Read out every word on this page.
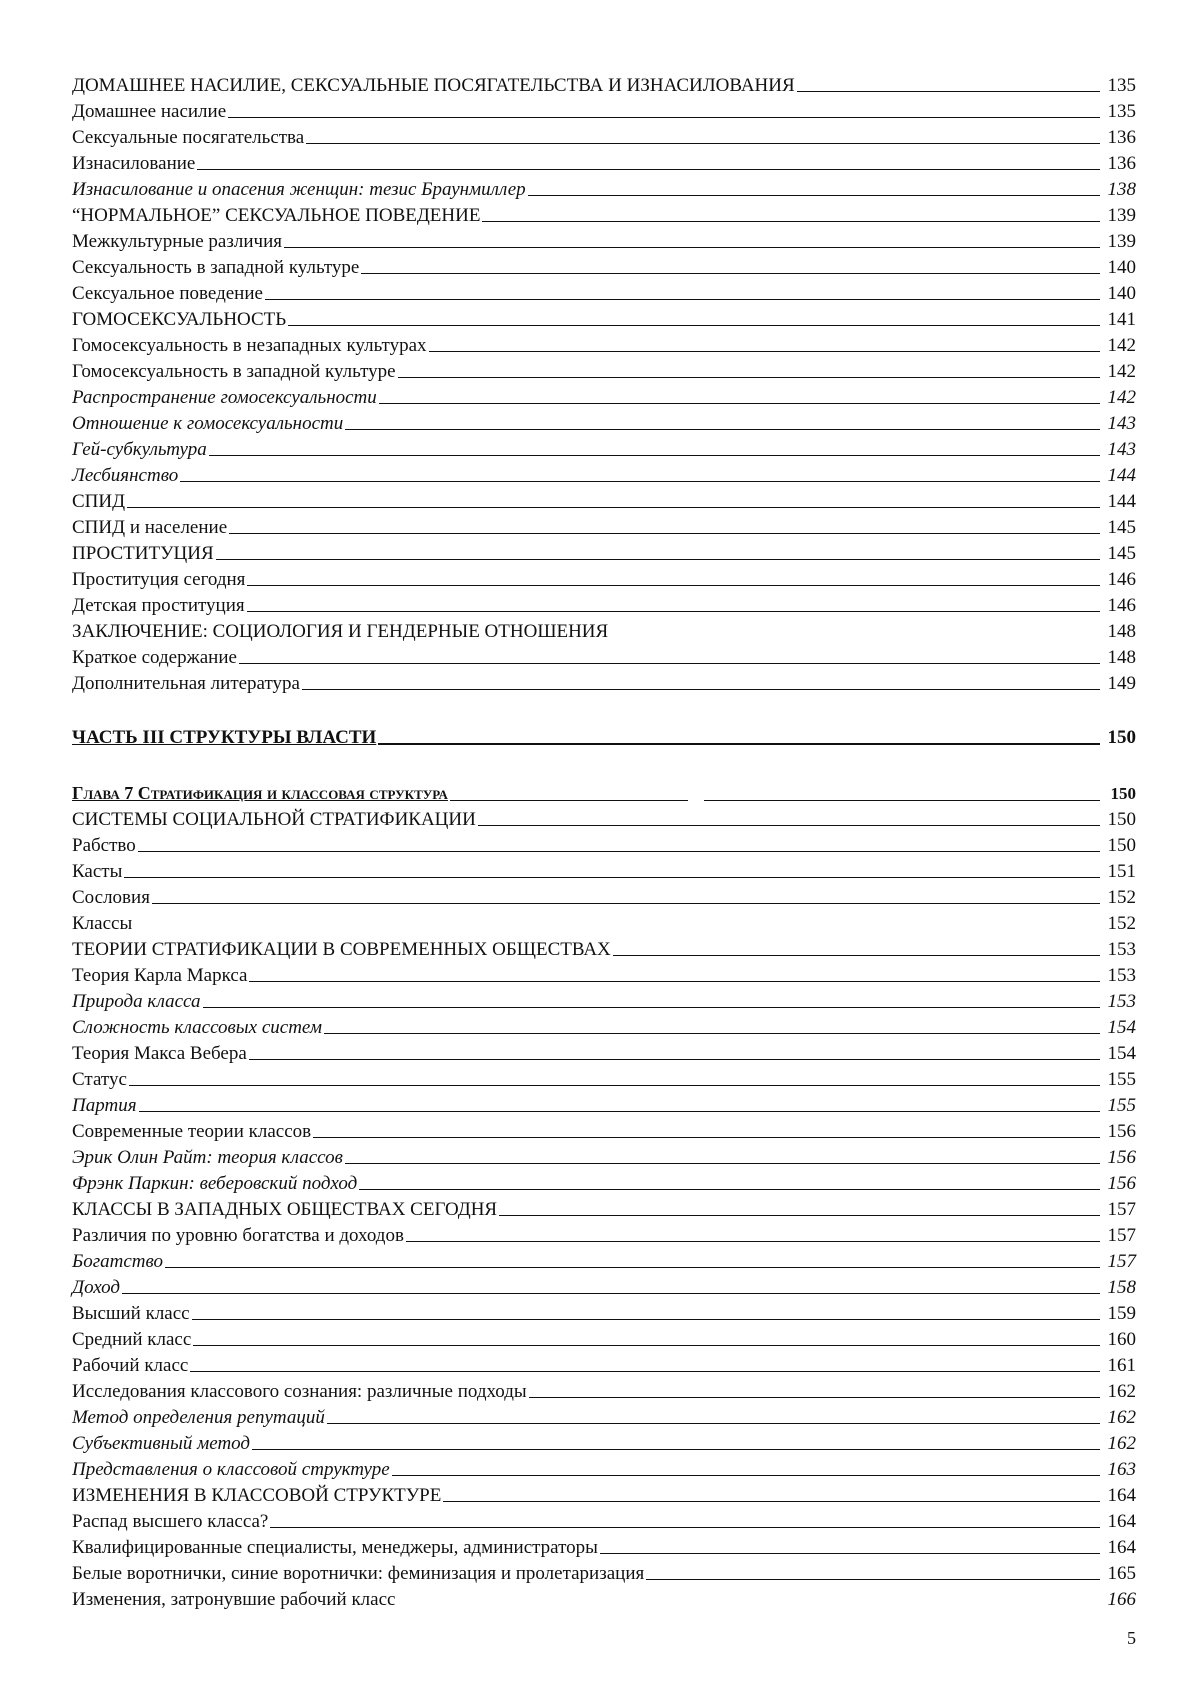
ДОМАШНЕЕ НАСИЛИЕ, СЕКСУАЛЬНЫЕ ПОСЯГАТЕЛЬСТВА И ИЗНАСИЛОВАНИЯ	135
Домашнее насилие	135
Сексуальные посягательства	136
Изнасилование	136
Изнасилование и опасения женщин: тезис Браунмиллер	138
“НОРМАЛЬНОЕ” СЕКСУАЛЬНОЕ ПОВЕДЕНИЕ	139
Межкультурные различия	139
Сексуальность в западной культуре	140
Сексуальное поведение	140
ГОМОСЕКСУАЛЬНОСТЬ	141
Гомосексуальность в незападных культурах	142
Гомосексуальность в западной культуре	142
Распространение гомосексуальности	142
Отношение к гомосексуальности	143
Гей-субкультура	143
Лесбиянство	144
СПИД	144
СПИД и население	145
ПРОСТИТУЦИЯ	145
Проституция сегодня	146
Детская проституция	146
ЗАКЛЮЧЕНИЕ: СОЦИОЛОГИЯ И ГЕНДЕРНЫЕ ОТНОШЕНИЯ	148
Краткое содержание	148
Дополнительная литература	149
ЧАСТЬ III СТРУКТУРЫ ВЛАСТИ	150
Глава 7 Стратификация и классовая структура	150
СИСТЕМЫ СОЦИАЛЬНОЙ СТРАТИФИКАЦИИ	150
Рабство	150
Касты	151
Сословия	152
Классы	152
ТЕОРИИ СТРАТИФИКАЦИИ В СОВРЕМЕННЫХ ОБЩЕСТВАХ	153
Теория Карла Маркса	153
Природа класса	153
Сложность классовых систем	154
Теория Макса Вебера	154
Статус	155
Партия	155
Современные теории классов	156
Эрик Олин Райт: теория классов	156
Фрэнк Паркин: веберовский подход	156
КЛАССЫ В ЗАПАДНЫХ ОБЩЕСТВАХ СЕГОДНЯ	157
Различия по уровню богатства и доходов	157
Богатство	157
Доход	158
Высший класс	159
Средний класс	160
Рабочий класс	161
Исследования классового сознания: различные подходы	162
Метод определения репутаций	162
Субъективный метод	162
Представления о классовой структуре	163
ИЗМЕНЕНИЯ В КЛАССОВОЙ СТРУКТУРЕ	164
Распад высшего класса?	164
Квалифицированные специалисты, менеджеры, администраторы	164
Белые воротнички, синие воротнички: феминизация и пролетаризация	165
Изменения, затронувшие рабочий класс	166
5
